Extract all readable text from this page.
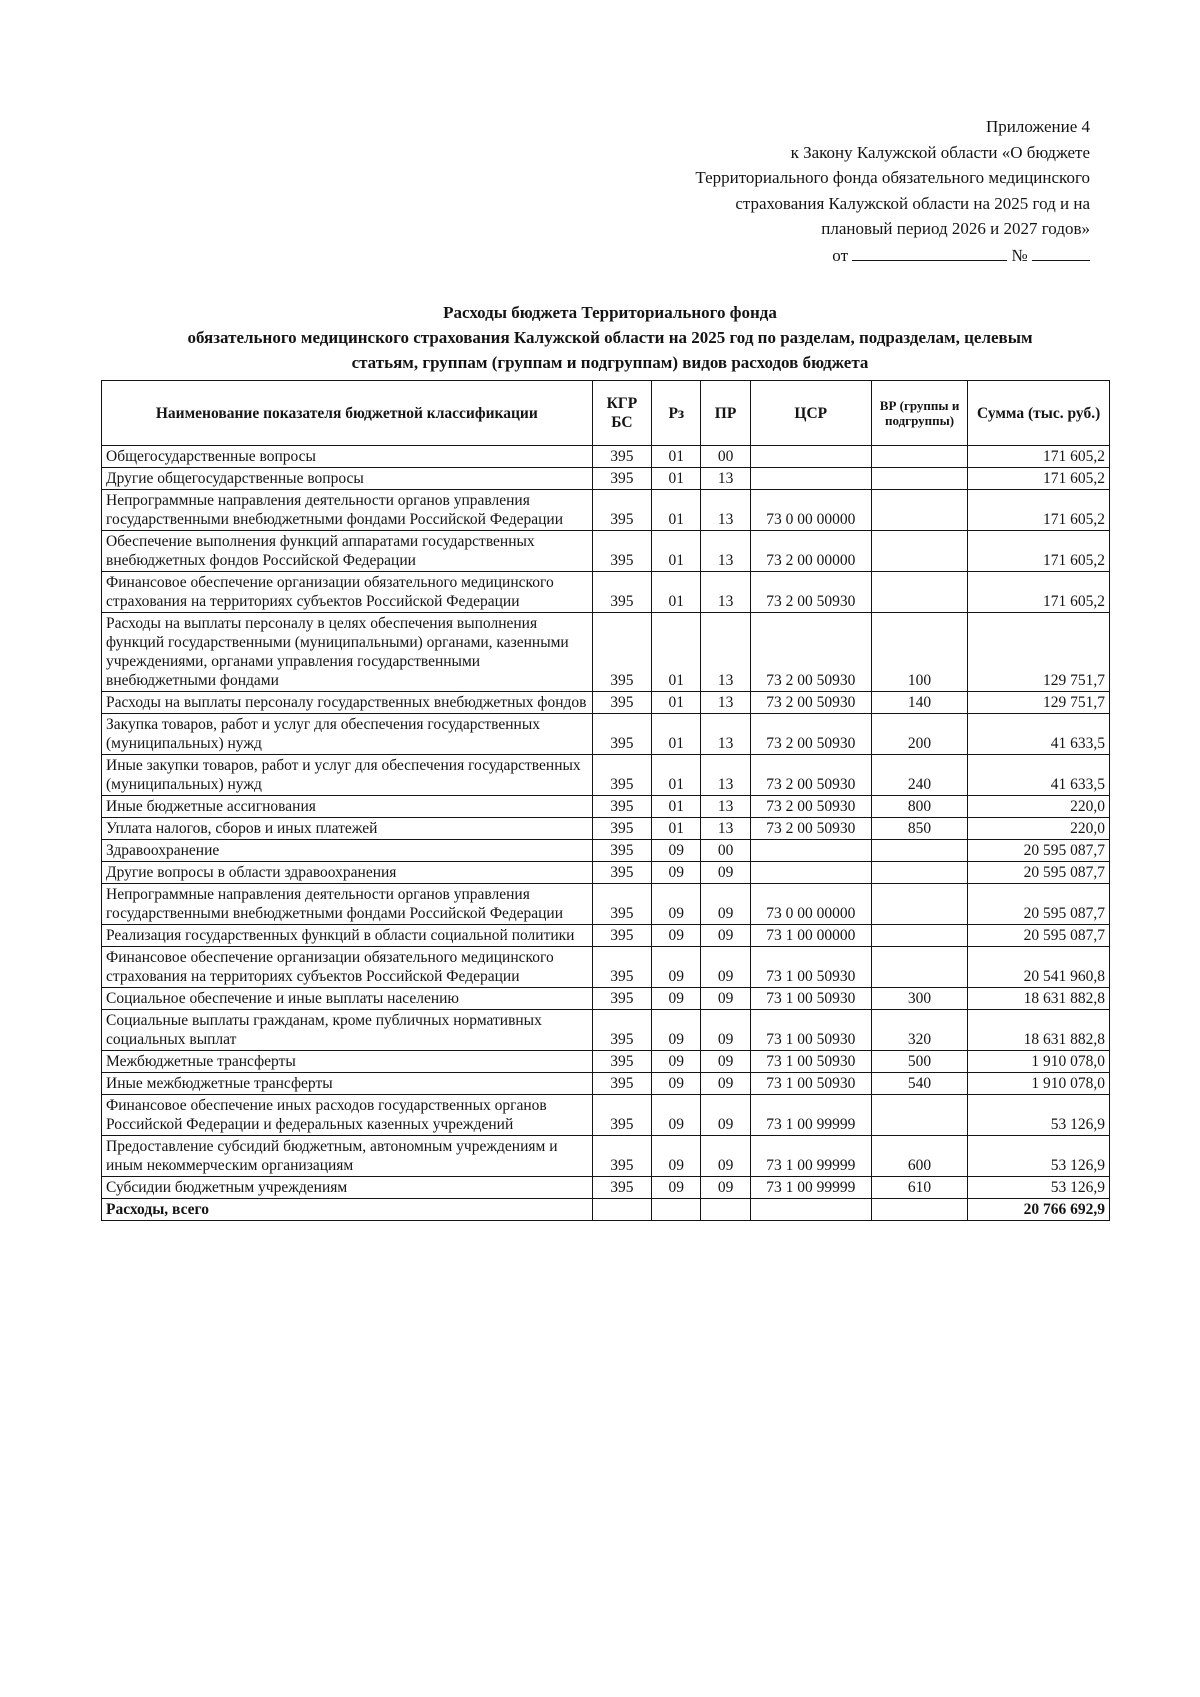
Приложение 4
к Закону Калужской области «О бюджете
Территориального фонда обязательного медицинского
страхования Калужской области на 2025 год и на
плановый период 2026 и 2027 годов»
от	№
Расходы бюджета Территориального фонда
обязательного медицинского страхования Калужской области на 2025 год по разделам, подразделам, целевым
статьям, группам (группам и подгруппам) видов расходов бюджета
Наименование показателя бюджетной классификации	КГР БС	Рз	ПР	ЦСР	ВР (группы и подгруппы)	Сумма (тыс. руб.)
Общегосударственные вопросы	395	01	00			171 605,2
Другие общегосударственные вопросы	395	01	13			171 605,2
Непрограммные направления деятельности органов управления государственными внебюджетными фондами Российской Федерации	395	01	13	73 0 00 00000		171 605,2
Обеспечение выполнения функций аппаратами государственных внебюджетных фондов Российской Федерации	395	01	13	73 2 00 00000		171 605,2
Финансовое обеспечение организации обязательного медицинского страхования на территориях субъектов Российской Федерации	395	01	13	73 2 00 50930		171 605,2
Расходы на выплаты персоналу в целях обеспечения выполнения функций государственными (муниципальными) органами, казенными учреждениями, органами управления государственными внебюджетными фондами	395	01	13	73 2 00 50930	100	129 751,7
Расходы на выплаты персоналу государственных внебюджетных фондов	395	01	13	73 2 00 50930	140	129 751,7
Закупка товаров, работ и услуг для обеспечения государственных (муниципальных) нужд	395	01	13	73 2 00 50930	200	41 633,5
Иные закупки товаров, работ и услуг для обеспечения государственных (муниципальных) нужд	395	01	13	73 2 00 50930	240	41 633,5
Иные бюджетные ассигнования	395	01	13	73 2 00 50930	800	220,0
Уплата налогов, сборов и иных платежей	395	01	13	73 2 00 50930	850	220,0
Здравоохранение	395	09	00			20 595 087,7
Другие вопросы в области здравоохранения	395	09	09			20 595 087,7
Непрограммные направления деятельности органов управления государственными внебюджетными фондами Российской Федерации	395	09	09	73 0 00 00000		20 595 087,7
Реализация государственных функций в области социальной политики	395	09	09	73 1 00 00000		20 595 087,7
Финансовое обеспечение организации обязательного медицинского страхования на территориях субъектов Российской Федерации	395	09	09	73 1 00 50930		20 541 960,8
Социальное обеспечение и иные выплаты населению	395	09	09	73 1 00 50930	300	18 631 882,8
Социальные выплаты гражданам, кроме публичных нормативных социальных выплат	395	09	09	73 1 00 50930	320	18 631 882,8
Межбюджетные трансферты	395	09	09	73 1 00 50930	500	1 910 078,0
Иные межбюджетные трансферты	395	09	09	73 1 00 50930	540	1 910 078,0
Финансовое обеспечение иных расходов государственных органов Российской Федерации и федеральных казенных учреждений	395	09	09	73 1 00 99999		53 126,9
Предоставление субсидий бюджетным, автономным учреждениям и иным некоммерческим организациям	395	09	09	73 1 00 99999	600	53 126,9
Субсидии бюджетным учреждениям	395	09	09	73 1 00 99999	610	53 126,9
Расходы, всего						20 766 692,9
